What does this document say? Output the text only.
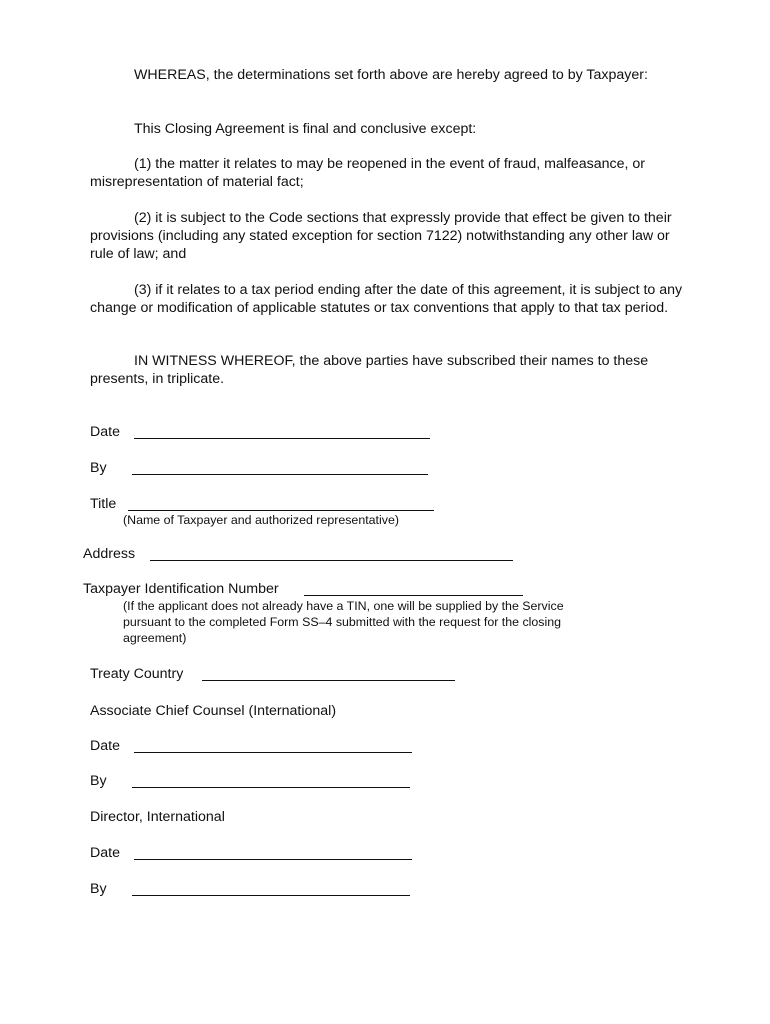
WHEREAS, the determinations set forth above are hereby agreed to by Taxpayer:

This Closing Agreement is final and conclusive except:

(1) the matter it relates to may be reopened in the event of fraud, malfeasance, or misrepresentation of material fact;

(2) it is subject to the Code sections that expressly provide that effect be given to their provisions (including any stated exception for section 7122) notwithstanding any other law or rule of law; and

(3) if it relates to a tax period ending after the date of this agreement, it is subject to any change or modification of applicable statutes or tax conventions that apply to that tax period.

IN WITNESS WHEREOF, the above parties have subscribed their names to these presents, in triplicate.

Date
By
Title
(Name of Taxpayer and authorized representative)
Address
Taxpayer Identification Number
(If the applicant does not already have a TIN, one will be supplied by the Service
pursuant to the completed Form SS–4 submitted with the request for the closing
agreement)
Treaty Country
Associate Chief Counsel (International)
Date
By
Director, International
Date
By
